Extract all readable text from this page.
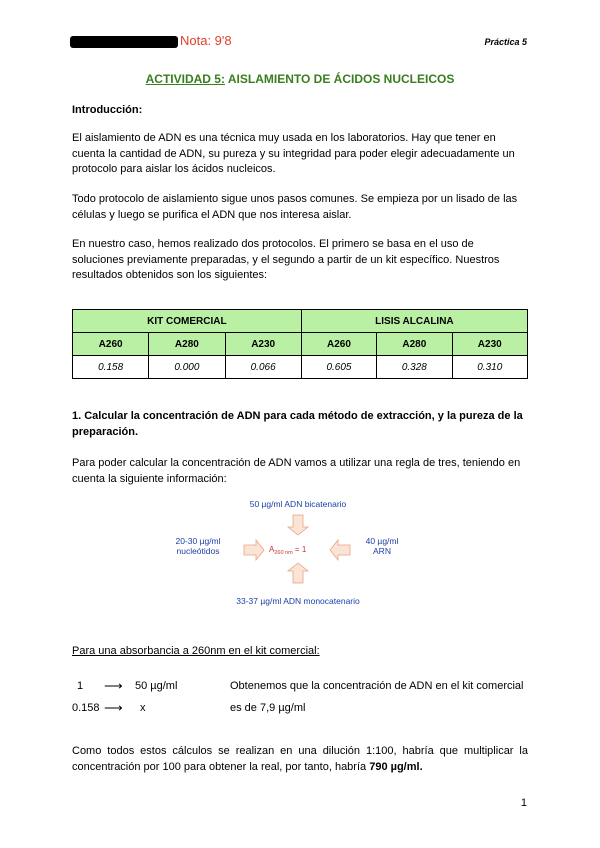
Nota: 9'8	Práctica 5
ACTIVIDAD 5: AISLAMIENTO DE ÁCIDOS NUCLEICOS
Introducción:
El aislamiento de ADN es una técnica muy usada en los laboratorios. Hay que tener en cuenta la cantidad de ADN, su pureza y su integridad para poder elegir adecuadamente un protocolo para aislar los ácidos nucleicos.
Todo protocolo de aislamiento sigue unos pasos comunes. Se empieza por un lisado de las células y luego se purifica el ADN que nos interesa aislar.
En nuestro caso, hemos realizado dos protocolos. El primero se basa en el uso de soluciones previamente preparadas, y el segundo a partir de un kit específico. Nuestros resultados obtenidos son los siguientes:
KIT COMERCIAL			LISIS ALCALINA		
A260	A280	A230	A260	A280	A230
0.158	0.000	0.066	0.605	0.328	0.310
1. Calcular la concentración de ADN para cada método de extracción, y la pureza de la preparación.
Para poder calcular la concentración de ADN vamos a utilizar una regla de tres, teniendo en cuenta la siguiente información:
50 µg/ml ADN bicatenario
20-30 µg/ml
nucleótidos
40 µg/ml
ARN
$A_{260 nm} = 1$
33-37 µg/ml ADN monocatenario
Para una absorbancia a 260nm en el kit comercial:
1 ⟶ 50 µg/ml	Obtenemos que la concentración de ADN en el kit comercial
0.158 ⟶ x	es de 7,9 µg/ml
Como todos estos cálculos se realizan en una dilución 1:100, habría que multiplicar la concentración por 100 para obtener la real, por tanto, habría 790 µg/ml.
1
